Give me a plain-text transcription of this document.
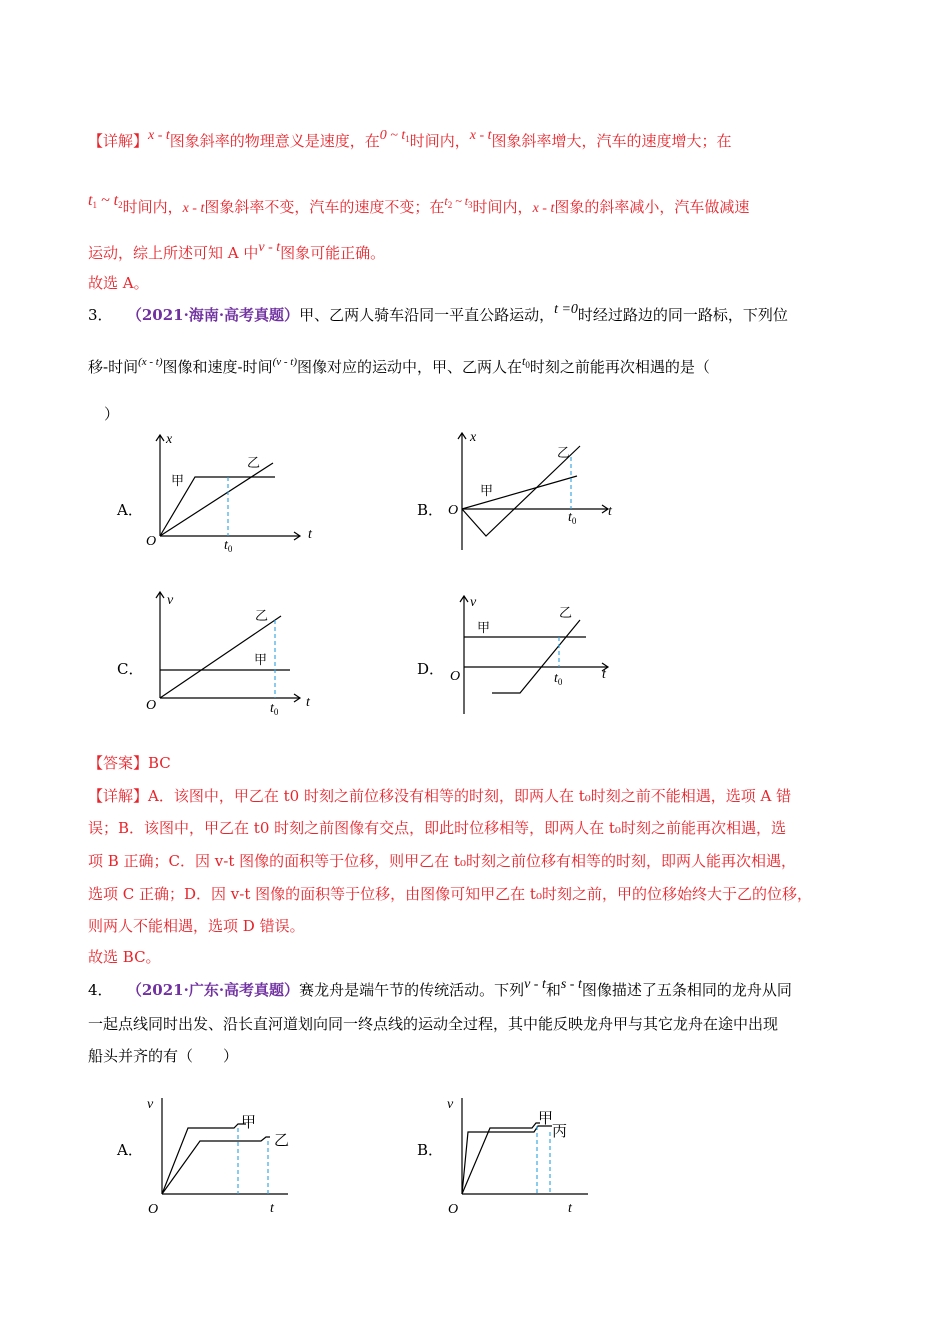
【详解】x - t图象斜率的物理意义是速度，在0 ~ $t_1$时间内，x - t图象斜率增大，汽车的速度增大；在
t1 ~ t2时间内，x - t图象斜率不变，汽车的速度不变；在$^{t_2 \sim t_3}$时间内，x - t图象的斜率减小，汽车做减速
运动，综上所述可知 A 中v - t图象可能正确。
故选 A。
3． （2021·海南·高考真题）甲、乙两人骑车沿同一平直公路运动，t =0时经过路边的同一路标，下列位
移-时间$^{(x - t)}$图像和速度-时间$^{(v - t)}$图像对应的运动中，甲、乙两人在$^{t_0}$时刻之前能再次相遇的是（
）
A．	B．
C．	D．
x
t
O	$t_0$
甲
乙
x
t
O	$t_0$
甲
乙
v
t
O	$t_0$
甲
乙
v
t
O	$t_0$
甲
乙
【答案】BC
【详解】A．该图中，甲乙在 t0 时刻之前位移没有相等的时刻，即两人在 t₀时刻之前不能相遇，选项 A 错
误；B．该图中，甲乙在 t0 时刻之前图像有交点，即此时位移相等，即两人在 t₀时刻之前能再次相遇，选
项 B 正确；C．因 v-t 图像的面积等于位移，则甲乙在 t₀时刻之前位移有相等的时刻，即两人能再次相遇，
选项 C 正确；D．因 v-t 图像的面积等于位移，由图像可知甲乙在 t₀时刻之前，甲的位移始终大于乙的位移，
则两人不能相遇，选项 D 错误。
故选 BC。
4． （2021·广东·高考真题）赛龙舟是端午节的传统活动。下列v - t和s - t图像描述了五条相同的龙舟从同
一起点线同时出发、沿长直河道划向同一终点线的运动全过程，其中能反映龙舟甲与其它龙舟在途中出现
船头并齐的有（　　）
A．	B．
v
t
O
甲
乙
v
t
O
甲
丙
